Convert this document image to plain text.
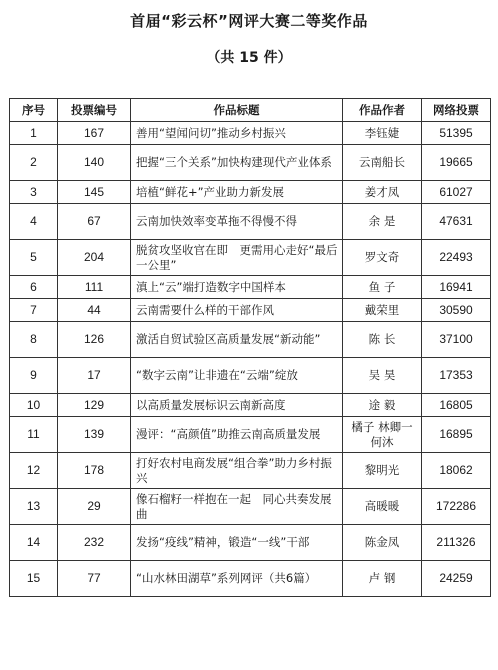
首届“彩云杯”网评大赛二等奖作品
（共 15 件）
序号	投票编号	作品标题	作品作者	网络投票
1	167	善用“望闻问切”推动乡村振兴	李钰婕	51395
2	140	把握“三个关系”加快构建现代产业体系	云南船长	19665
3	145	培植“鲜花+”产业助力新发展	姜才凤	61027
4	67	云南加快效率变革拖不得慢不得	余 是	47631
5	204	脱贫攻坚收官在即　更需用心走好“最后一公里”	罗文奇	22493
6	111	滇上“云”端打造数字中国样本	鱼 子	16941
7	44	云南需要什么样的干部作风	戴荣里	30590
8	126	激活自贸试验区高质量发展“新动能”	陈 长	37100
9	17	“数字云南”让非遗在“云端”绽放	吴 昊	17353
10	129	以高质量发展标识云南新高度	途 毅	16805
11	139	漫评：“高颜值”助推云南高质量发展	橘子 林卿一何沐	16895
12	178	打好农村电商发展“组合拳”助力乡村振兴	黎明光	18062
13	29	像石榴籽一样抱在一起　同心共奏发展曲	高暖暖	172286
14	232	发扬“疫线”精神，锻造“一线”干部	陈金凤	211326
15	77	“山水林田湖草”系列网评（共6篇）	卢 钢	24259
